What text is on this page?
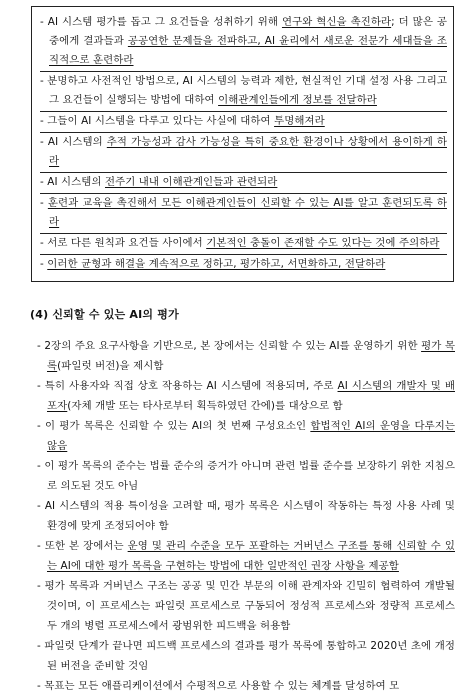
- AI 시스템 평가를 돕고 그 요건들을 성취하기 위해 연구와 혁신을 촉진하라; 더 많은 공중에게 결과들과 공공연한 문제들을 전파하고, AI 윤리에서 새로운 전문가 세대들을 조직적으로 훈련하라
- 분명하고 사전적인 방법으로, AI 시스템의 능력과 제한, 현실적인 기대 설정 사용 그리고 그 요건들이 실행되는 방법에 대하여 이해관계인들에게 정보를 전달하라
- 그들이 AI 시스템을 다루고 있다는 사실에 대하여 투명해져라
- AI 시스템의 추적 가능성과 감사 가능성을 특히 중요한 환경이나 상황에서 용이하게 하라
- AI 시스템의 전주기 내내 이해관계인들과 관련되라
- 훈련과 교육을 촉진해서 모든 이해관계인들이 신뢰할 수 있는 AI를 알고 훈련되도록 하라
- 서로 다른 원칙과 요건들 사이에서 기본적인 충돌이 존재할 수도 있다는 것에 주의하라
- 이러한 균형과 해결을 계속적으로 정하고, 평가하고, 서면화하고, 전달하라
(4) 신뢰할 수 있는 AI의 평가
- 2장의 주요 요구사항을 기반으로, 본 장에서는 신뢰할 수 있는 AI를 운영하기 위한 평가 목록(파일럿 버전)을 제시함
- 특히 사용자와 직접 상호 작용하는 AI 시스템에 적용되며, 주로 AI 시스템의 개발자 및 배포자(자체 개발 또는 타사로부터 획득하였던 간에)를 대상으로 함
- 이 평가 목록은 신뢰할 수 있는 AI의 첫 번째 구성요소인 합법적인 AI의 운영을 다루지는 않음
- 이 평가 목록의 준수는 법률 준수의 증거가 아니며 관련 법률 준수를 보장하기 위한 지침으로 의도된 것도 아님
- AI 시스템의 적용 특이성을 고려할 때, 평가 목록은 시스템이 작동하는 특정 사용 사례 및 환경에 맞게 조정되어야 함
- 또한 본 장에서는 운영 및 관리 수준을 모두 포괄하는 거버넌스 구조를 통해 신뢰할 수 있는 AI에 대한 평가 목록을 구현하는 방법에 대한 일반적인 권장 사항을 제공함
- 평가 목록과 거버넌스 구조는 공공 및 민간 부문의 이해 관계자와 긴밀히 협력하여 개발될 것이며, 이 프로세스는 파일럿 프로세스로 구동되어 정성적 프로세스와 정량적 프로세스 두 개의 병렬 프로세스에서 광범위한 피드백을 허용함
- 파일럿 단계가 끝나면 피드백 프로세스의 결과를 평가 목록에 통합하고 2020년 초에 개정된 버전을 준비할 것임
- 목표는 모든 애플리케이션에서 수평적으로 사용할 수 있는 체계를 달성하여 모
